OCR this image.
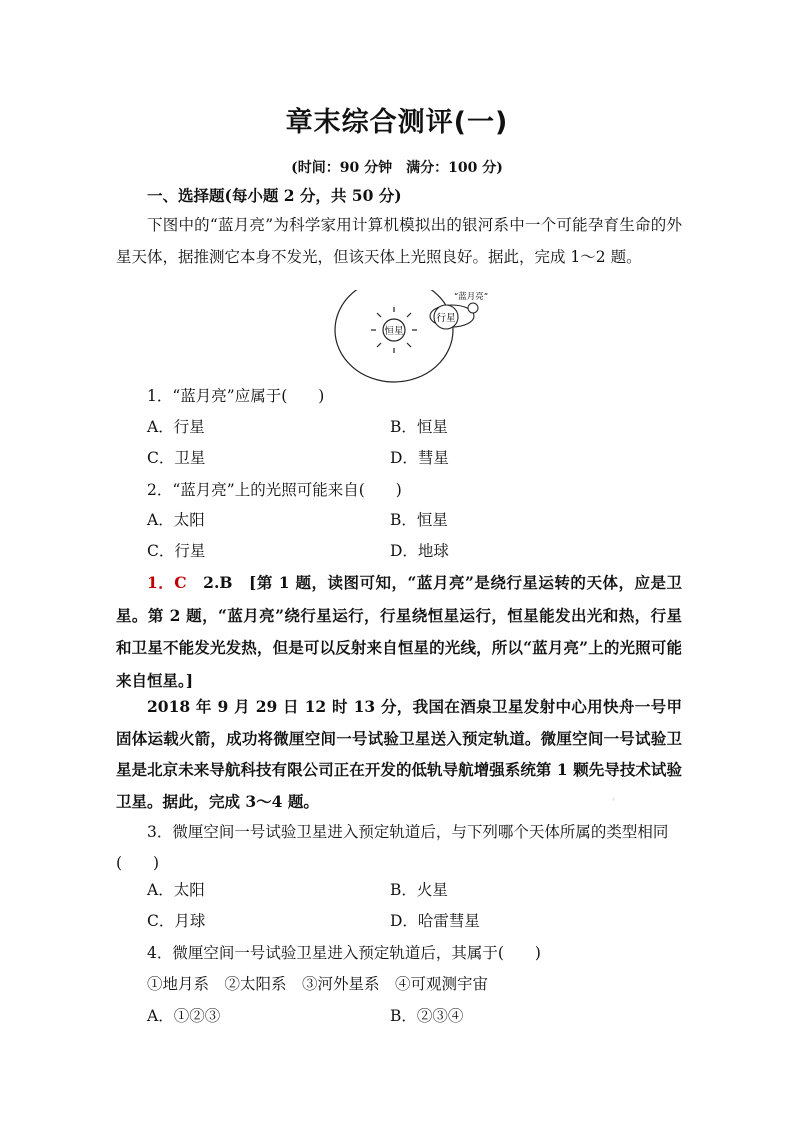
章末综合测评(一)
(时间：90 分钟　满分：100 分)
一、选择题(每小题 2 分，共 50 分)
下图中的“蓝月亮”为科学家用计算机模拟出的银河系中一个可能孕育生命的外星天体，据推测它本身不发光，但该天体上光照良好。据此，完成 1～2 题。
恒星
行星
“蓝月亮”
1．“蓝月亮”应属于(　　)
A．行星	B．恒星
C．卫星	D．彗星
2．“蓝月亮”上的光照可能来自(　　)
A．太阳	B．恒星
C．行星	D．地球
1．C　 2.B　 [第 1 题，读图可知，“蓝月亮”是绕行星运转的天体，应是卫星。第 2 题，“蓝月亮”绕行星运行，行星绕恒星运行，恒星能发出光和热，行星和卫星不能发光发热，但是可以反射来自恒星的光线，所以“蓝月亮”上的光照可能来自恒星。]
2018 年 9 月 29 日 12 时 13 分，我国在酒泉卫星发射中心用快舟一号甲固体运载火箭，成功将微厘空间一号试验卫星送入预定轨道。微厘空间一号试验卫星是北京未来导航科技有限公司正在开发的低轨导航增强系统第 1 颗先导技术试验卫星。据此，完成 3～4 题。
3．微厘空间一号试验卫星进入预定轨道后，与下列哪个天体所属的类型相同
(　　)
A．太阳	B．火星
C．月球	D．哈雷彗星
4．微厘空间一号试验卫星进入预定轨道后，其属于(　　)
①地月系　②太阳系　③河外星系　④可观测宇宙
A．①②③	B．②③④
·
